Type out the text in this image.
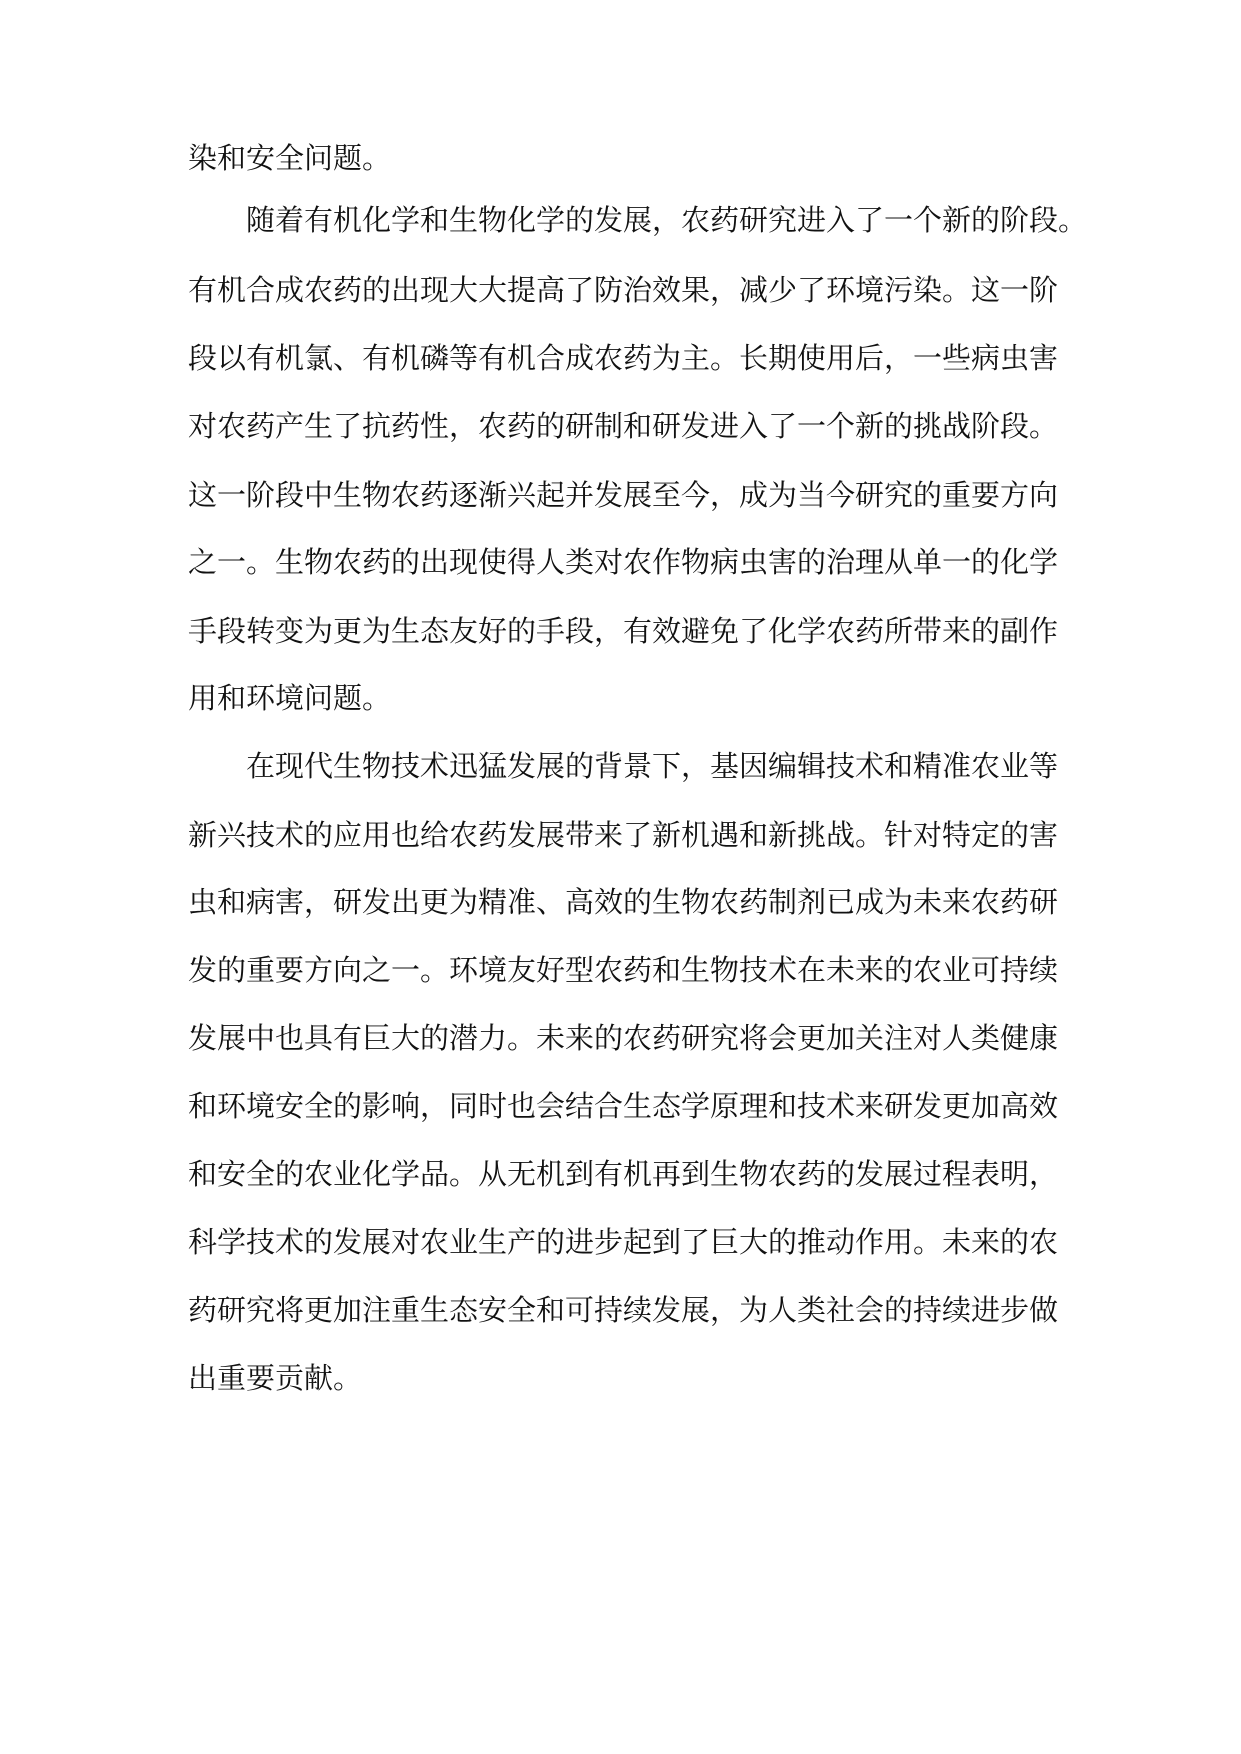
染和安全问题。

随着有机化学和生物化学的发展，农药研究进入了一个新的阶段。

有机合成农药的出现大大提高了防治效果，减少了环境污染。这一阶

段以有机氯、有机磷等有机合成农药为主。长期使用后，一些病虫害

对农药产生了抗药性，农药的研制和研发进入了一个新的挑战阶段。

这一阶段中生物农药逐渐兴起并发展至今，成为当今研究的重要方向

之一。生物农药的出现使得人类对农作物病虫害的治理从单一的化学

手段转变为更为生态友好的手段，有效避免了化学农药所带来的副作

用和环境问题。

在现代生物技术迅猛发展的背景下，基因编辑技术和精准农业等

新兴技术的应用也给农药发展带来了新机遇和新挑战。针对特定的害

虫和病害，研发出更为精准、高效的生物农药制剂已成为未来农药研

发的重要方向之一。环境友好型农药和生物技术在未来的农业可持续

发展中也具有巨大的潜力。未来的农药研究将会更加关注对人类健康

和环境安全的影响，同时也会结合生态学原理和技术来研发更加高效

和安全的农业化学品。从无机到有机再到生物农药的发展过程表明，

科学技术的发展对农业生产的进步起到了巨大的推动作用。未来的农

药研究将更加注重生态安全和可持续发展，为人类社会的持续进步做

出重要贡献。
